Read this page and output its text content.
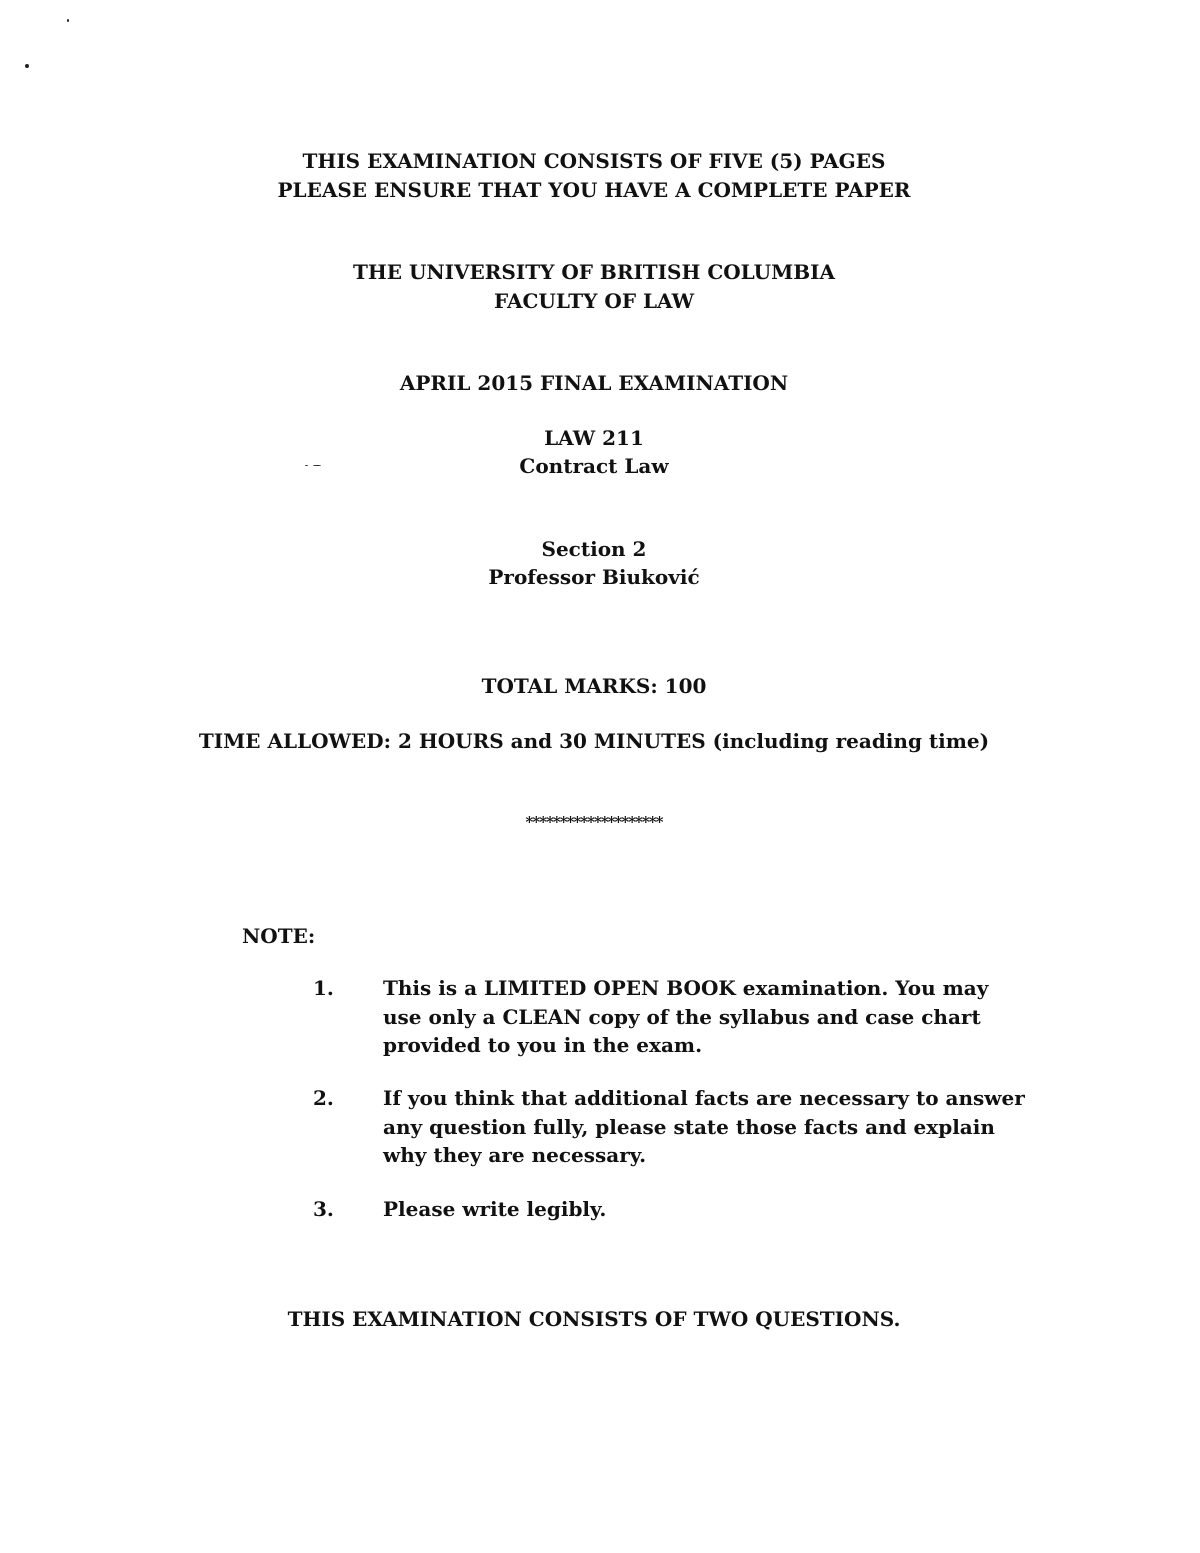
THIS EXAMINATION CONSISTS OF FIVE (5) PAGES
PLEASE ENSURE THAT YOU HAVE A COMPLETE PAPER
THE UNIVERSITY OF BRITISH COLUMBIA
FACULTY OF LAW
APRIL 2015 FINAL EXAMINATION
LAW 211
Contract Law
Section 2
Professor Biuković
TOTAL MARKS: 100
TIME ALLOWED: 2 HOURS and 30 MINUTES (including reading time)
********************
NOTE:
1. This is a LIMITED OPEN BOOK examination. You may use only a CLEAN copy of the syllabus and case chart provided to you in the exam.
2. If you think that additional facts are necessary to answer any question fully, please state those facts and explain why they are necessary.
3. Please write legibly.
THIS EXAMINATION CONSISTS OF TWO QUESTIONS.
